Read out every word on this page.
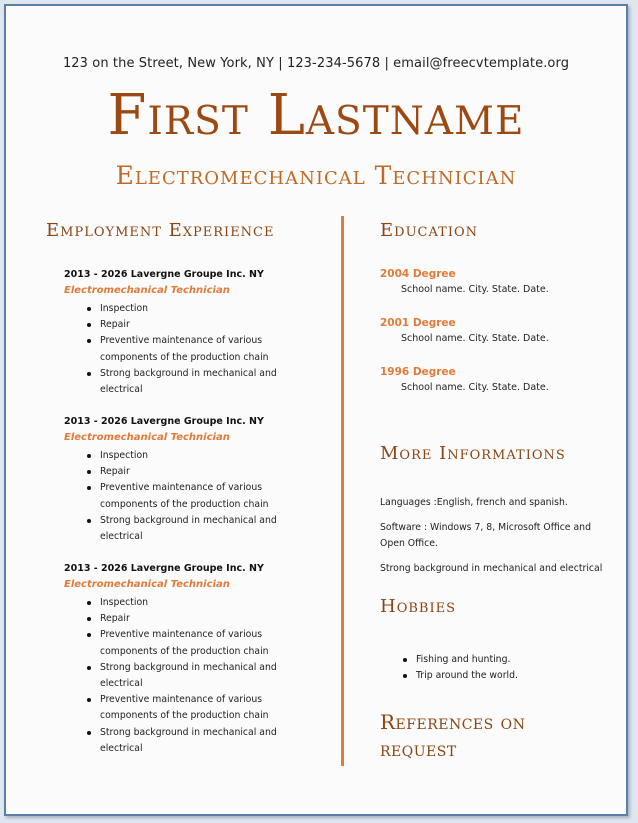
123 on the Street, New York, NY | 123-234-5678 | email@freecvtemplate.org
First Lastname
Electromechanical Technician
Employment Experience
2013 - 2026 Lavergne Groupe Inc. NY
Electromechanical Technician
Inspection
Repair
Preventive maintenance of various components of the production chain
Strong background in mechanical and electrical
2013 - 2026 Lavergne Groupe Inc. NY
Electromechanical Technician
Inspection
Repair
Preventive maintenance of various components of the production chain
Strong background in mechanical and electrical
2013 - 2026 Lavergne Groupe Inc. NY
Electromechanical Technician
Inspection
Repair
Preventive maintenance of various components of the production chain
Strong background in mechanical and electrical
Preventive maintenance of various components of the production chain
Strong background in mechanical and electrical
Education
2004 Degree
School name. City. State. Date.
2001 Degree
School name. City. State. Date.
1996 Degree
School name. City. State. Date.
More Informations
Languages :English, french and spanish.
Software : Windows 7, 8, Microsoft Office and Open Office.
Strong background in mechanical and electrical
Hobbies
Fishing and hunting.
Trip around the world.
References on request
